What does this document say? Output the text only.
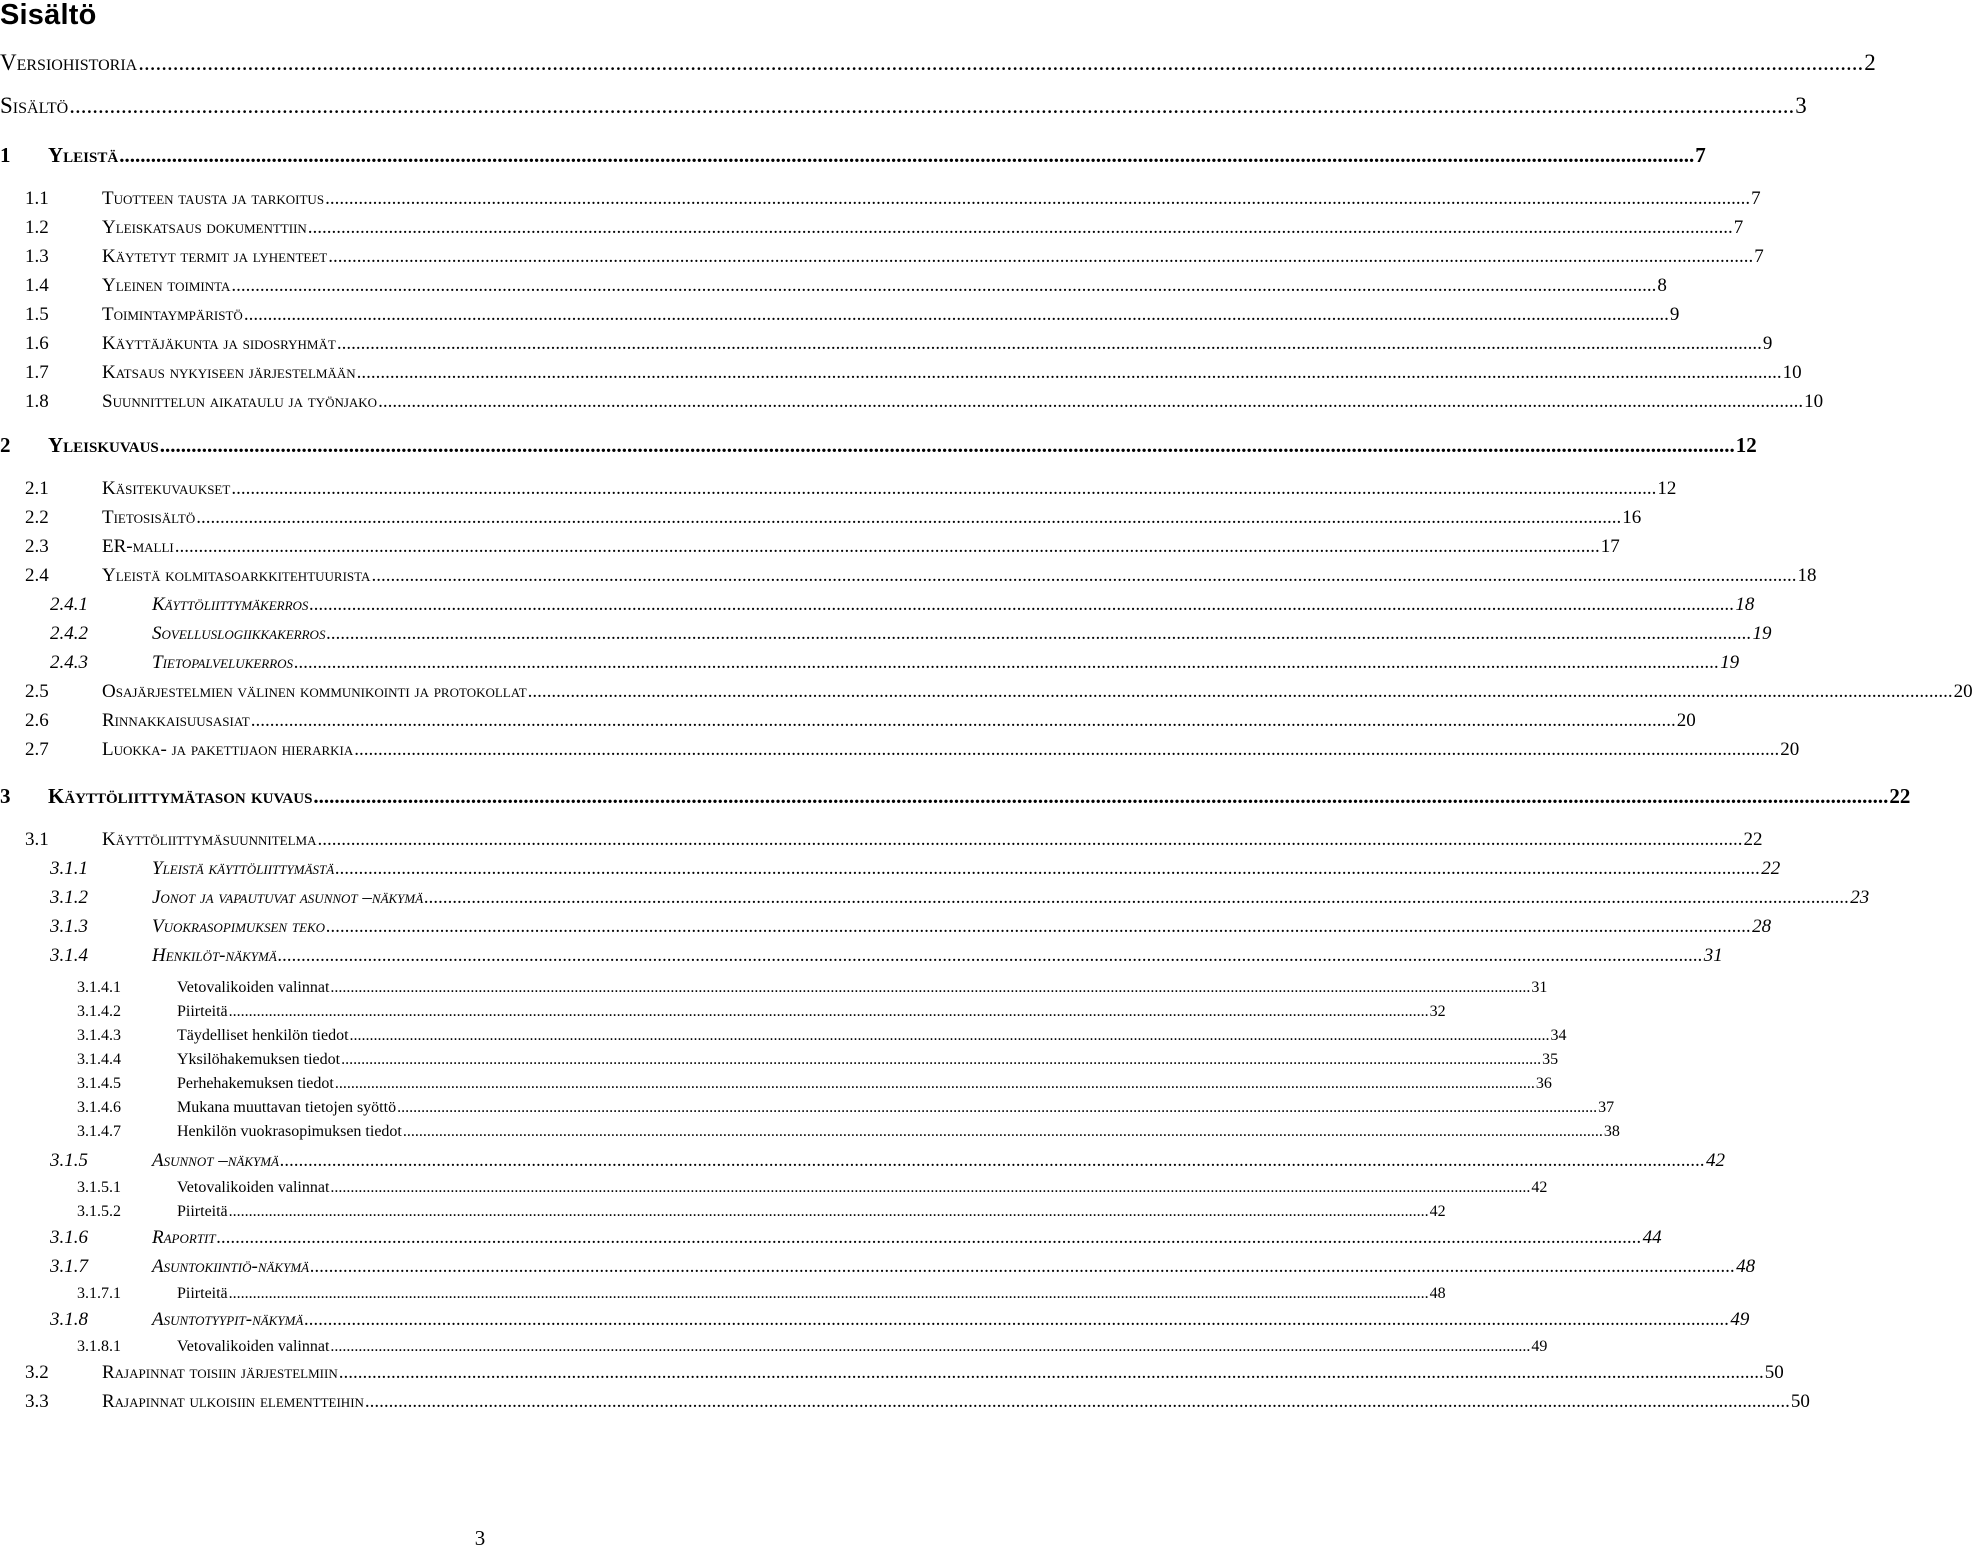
Sisältö
Versiohistoria ............................................................................................................................................................................................................................................................................................................ 2
Sisältö ............................................................................................................................................................................................................................................................................................................ 3
1	Yleistä ............................................................................................................................................................................................................................................................................................................ 7
1.1	Tuotteen tausta ja tarkoitus ............................................................................................................................................................................................................................................................................................................ 7
1.2	Yleiskatsaus dokumenttiin ............................................................................................................................................................................................................................................................................................................ 7
1.3	Käytetyt termit ja lyhenteet ............................................................................................................................................................................................................................................................................................................ 7
1.4	Yleinen toiminta ............................................................................................................................................................................................................................................................................................................ 8
1.5	Toimintaympäristö ............................................................................................................................................................................................................................................................................................................ 9
1.6	Käyttäjäkunta ja sidosryhmät ............................................................................................................................................................................................................................................................................................................ 9
1.7	Katsaus nykyiseen järjestelmään ............................................................................................................................................................................................................................................................................................................ 10
1.8	Suunnittelun aikataulu ja työnjako ............................................................................................................................................................................................................................................................................................................ 10
2	Yleiskuvaus ............................................................................................................................................................................................................................................................................................................ 12
2.1	Käsitekuvaukset ............................................................................................................................................................................................................................................................................................................ 12
2.2	Tietosisältö ............................................................................................................................................................................................................................................................................................................ 16
2.3	ER-malli ............................................................................................................................................................................................................................................................................................................ 17
2.4	Yleistä kolmitasoarkkitehtuurista ............................................................................................................................................................................................................................................................................................................ 18
2.4.1	Käyttöliittymäkerros ............................................................................................................................................................................................................................................................................................................ 18
2.4.2	Sovelluslogiikkakerros ............................................................................................................................................................................................................................................................................................................ 19
2.4.3	Tietopalvelukerros ............................................................................................................................................................................................................................................................................................................ 19
2.5	Osajärjestelmien välinen kommunikointi ja protokollat ............................................................................................................................................................................................................................................................................................................ 20
2.6	Rinnakkaisuusasiat ............................................................................................................................................................................................................................................................................................................ 20
2.7	Luokka- ja pakettijaon hierarkia ............................................................................................................................................................................................................................................................................................................ 20
3	Käyttöliittymätason kuvaus ............................................................................................................................................................................................................................................................................................................ 22
3.1	Käyttöliittymäsuunnitelma ............................................................................................................................................................................................................................................................................................................ 22
3.1.1	Yleistä käyttöliittymästä ............................................................................................................................................................................................................................................................................................................ 22
3.1.2	Jonot ja vapautuvat asunnot –näkymä ............................................................................................................................................................................................................................................................................................................ 23
3.1.3	Vuokrasopimuksen teko ............................................................................................................................................................................................................................................................................................................ 28
3.1.4	Henkilöt-näkymä ............................................................................................................................................................................................................................................................................................................ 31
3.1.4.1	Vetovalikoiden valinnat ............................................................................................................................................................................................................................................................................................................ 31
3.1.4.2	Piirteitä ............................................................................................................................................................................................................................................................................................................ 32
3.1.4.3	Täydelliset henkilön tiedot ............................................................................................................................................................................................................................................................................................................ 34
3.1.4.4	Yksilöhakemuksen tiedot ............................................................................................................................................................................................................................................................................................................ 35
3.1.4.5	Perhehakemuksen tiedot ............................................................................................................................................................................................................................................................................................................ 36
3.1.4.6	Mukana muuttavan tietojen syöttö ............................................................................................................................................................................................................................................................................................................ 37
3.1.4.7	Henkilön vuokrasopimuksen tiedot ............................................................................................................................................................................................................................................................................................................ 38
3.1.5	Asunnot –näkymä ............................................................................................................................................................................................................................................................................................................ 42
3.1.5.1	Vetovalikoiden valinnat ............................................................................................................................................................................................................................................................................................................ 42
3.1.5.2	Piirteitä ............................................................................................................................................................................................................................................................................................................ 42
3.1.6	Raportit ............................................................................................................................................................................................................................................................................................................ 44
3.1.7	Asuntokiintiö-näkymä ............................................................................................................................................................................................................................................................................................................ 48
3.1.7.1	Piirteitä ............................................................................................................................................................................................................................................................................................................ 48
3.1.8	Asuntotyypit-näkymä ............................................................................................................................................................................................................................................................................................................ 49
3.1.8.1	Vetovalikoiden valinnat ............................................................................................................................................................................................................................................................................................................ 49
3.2	Rajapinnat toisiin järjestelmiin ............................................................................................................................................................................................................................................................................................................ 50
3.3	Rajapinnat ulkoisiin elementteihin ............................................................................................................................................................................................................................................................................................................ 50
3
